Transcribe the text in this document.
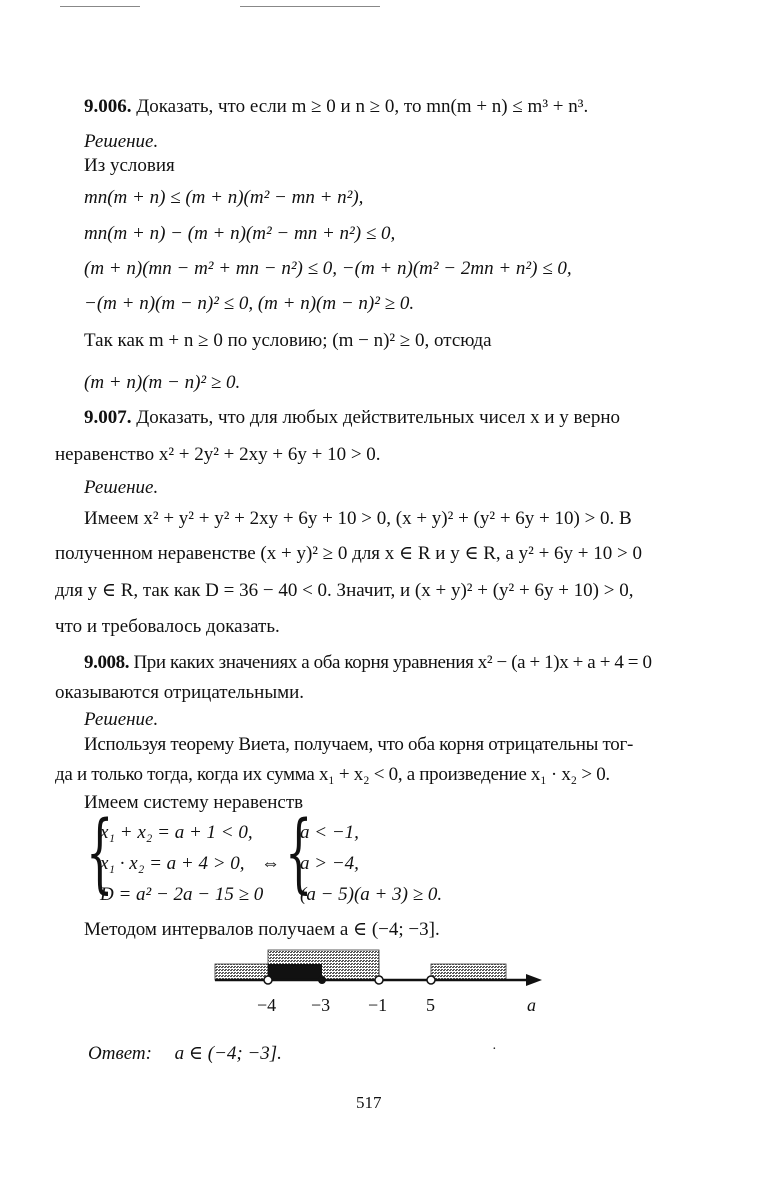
9.006. Доказать, что если m ≥ 0 и n ≥ 0, то mn(m + n) ≤ m³ + n³.
Решение.
Из условия
mn(m + n) ≤ (m + n)(m² − mn + n²),
mn(m + n) − (m + n)(m² − mn + n²) ≤ 0,
(m + n)(mn − m² + mn − n²) ≤ 0, −(m + n)(m² − 2mn + n²) ≤ 0,
−(m + n)(m − n)² ≤ 0, (m + n)(m − n)² ≥ 0.
Так как m + n ≥ 0 по условию; (m − n)² ≥ 0, отсюда
(m + n)(m − n)² ≥ 0.
9.007. Доказать, что для любых действительных чисел x и y верно
неравенство x² + 2y² + 2xy + 6y + 10 > 0.
Решение.
Имеем x² + y² + y² + 2xy + 6y + 10 > 0, (x + y)² + (y² + 6y + 10) > 0. В
полученном неравенстве (x + y)² ≥ 0 для x ∈ R и y ∈ R, а y² + 6y + 10 > 0
для y ∈ R, так как D = 36 − 40 < 0. Значит, и (x + y)² + (y² + 6y + 10) > 0,
что и требовалось доказать.
9.008. При каких значениях a оба корня уравнения x² − (a + 1)x + a + 4 = 0
оказываются отрицательными.
Решение.
Используя теорему Виета, получаем, что оба корня отрицательны тог-
да и только тогда, когда их сумма x₁ + x₂ < 0, а произведение x₁ · x₂ > 0.
Имеем систему неравенств
{
x₁ + x₂ = a + 1 < 0,
x₁ · x₂ = a + 4 > 0,
D = a² − 2a − 15 ≥ 0
⇔ {
a < −1,
a > −4,
(a − 5)(a + 3) ≥ 0.
Методом интервалов получаем a ∈ (−4; −3].
−4 −3 −1 5	a
Ответ: a ∈ (−4; −3].	·
517
